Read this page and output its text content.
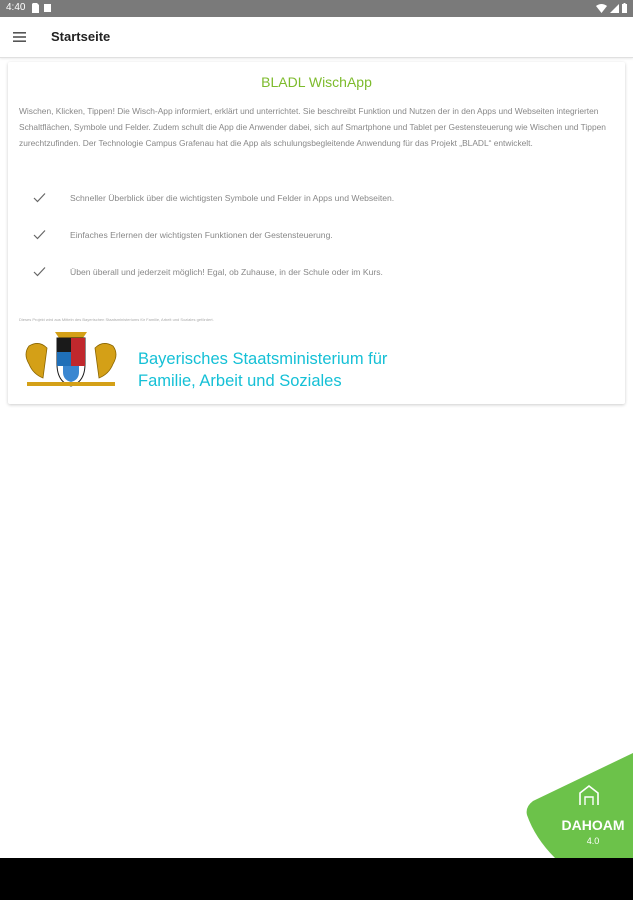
4:40
Startseite
BLADL WischApp
Wischen, Klicken, Tippen! Die Wisch-App informiert, erklärt und unterrichtet. Sie beschreibt Funktion und Nutzen der in den Apps und Webseiten integrierten Schaltflächen, Symbole und Felder. Zudem schult die App die Anwender dabei, sich auf Smartphone und Tablet per Gestensteuerung wie Wischen und Tippen zurechtzufinden. Der Technologie Campus Grafenau hat die App als schulungsbegleitende Anwendung für das Projekt „BLADL“ entwickelt.
Schneller Überblick über die wichtigsten Symbole und Felder in Apps und Webseiten.
Einfaches Erlernen der wichtigsten Funktionen der Gestensteuerung.
Üben überall und jederzeit möglich! Egal, ob Zuhause, in der Schule oder im Kurs.
Dieses Projekt wird aus Mitteln des Bayerischen Staatsministeriums für Familie, Arbeit und Soziales gefördert.
Bayerisches Staatsministerium für
Familie, Arbeit und Soziales
DAHOAM
4.0
